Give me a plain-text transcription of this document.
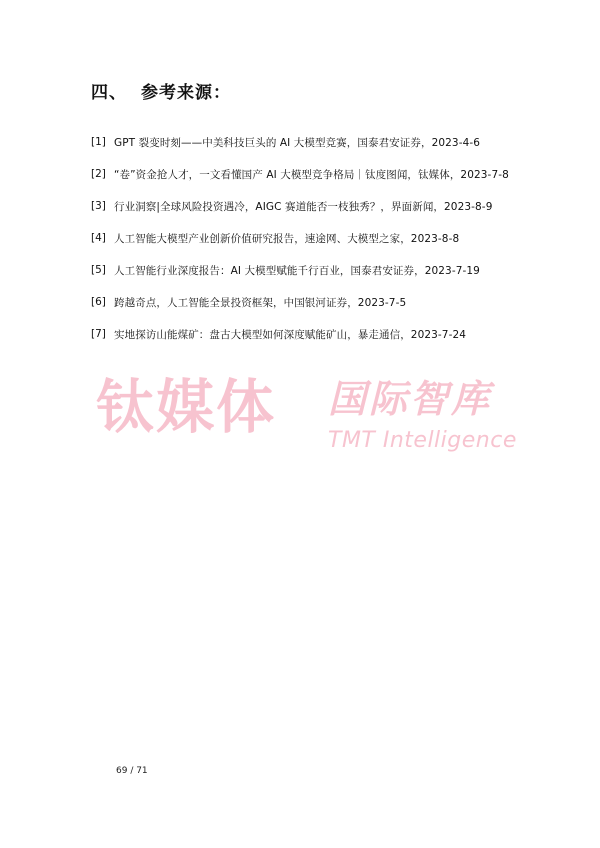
四、 参考来源：
[1] GPT 裂变时刻——中美科技巨头的 AI 大模型竞赛，国泰君安证券，2023-4-6
[2] “卷”资金抢人才，一文看懂国产 AI 大模型竞争格局｜钛度图闻，钛媒体，2023-7-8
[3] 行业洞察|全球风险投资遇冷，AIGC 赛道能否一枝独秀？，界面新闻，2023-8-9
[4] 人工智能大模型产业创新价值研究报告，速途网、大模型之家，2023-8-8
[5] 人工智能行业深度报告：AI 大模型赋能千行百业，国泰君安证券，2023-7-19
[6] 跨越奇点，人工智能全景投资框架，中国银河证券，2023-7-5
[7] 实地探访山能煤矿：盘古大模型如何深度赋能矿山，暴走通信，2023-7-24
钛媒体 国际智库
TMT Intelligence
69 / 71
